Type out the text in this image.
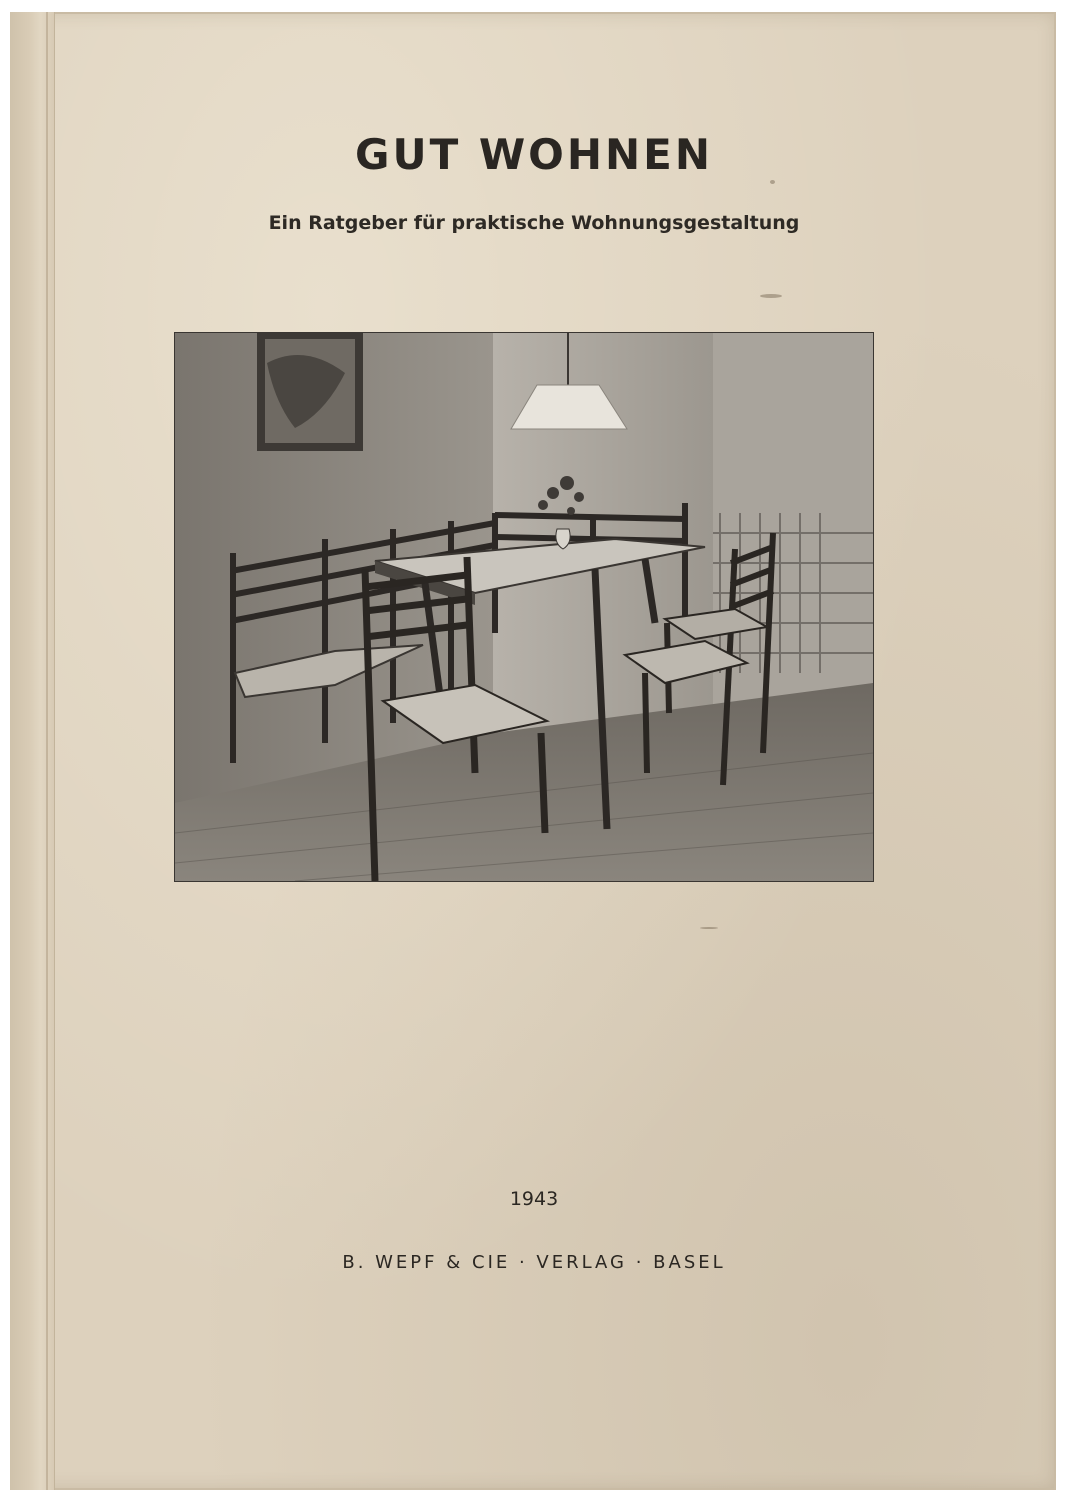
GUT WOHNEN
Ein Ratgeber für praktische Wohnungsgestaltung
1943
B. WEPF & CIE · VERLAG · BASEL
